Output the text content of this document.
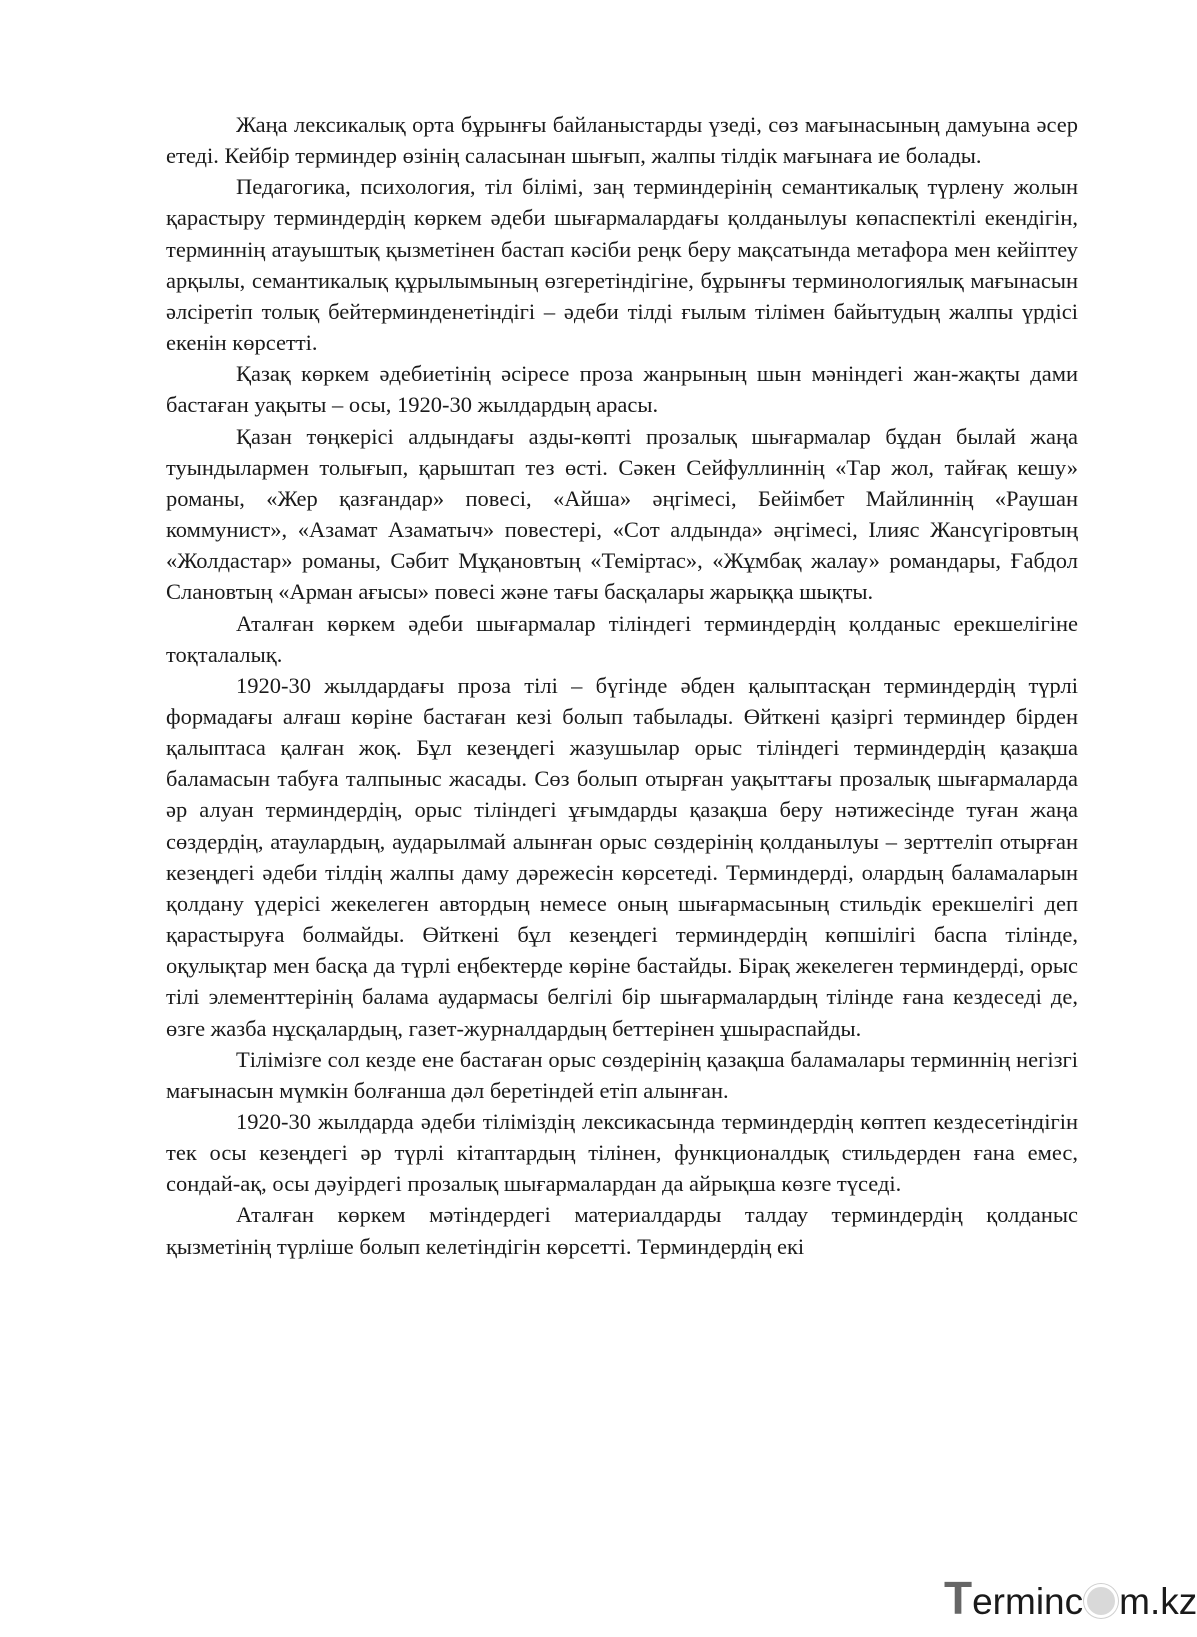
Жаңа лексикалық орта бұрынғы байланыстарды үзеді, сөз мағынасының дамуына әсер етеді. Кейбір терминдер өзінің саласынан шығып, жалпы тілдік мағынаға ие болады.

Педагогика, психология, тіл білімі, заң терминдерінің семантикалық түрлену жолын қарастыру терминдердің көркем әдеби шығармалардағы қолданылуы көпаспектілі екендігін, терминнің атауыштық қызметінен бастап кәсіби реңк беру мақсатында метафора мен кейіптеу арқылы, семантикалық құрылымының өзгеретіндігіне, бұрынғы терминологиялық мағынасын әлсіретіп толық бейтерминденетіндігі – әдеби тілді ғылым тілімен байытудың жалпы үрдісі екенін көрсетті.

Қазақ көркем әдебиетінің әсіресе проза жанрының шын мәніндегі жан-жақты дами бастаған уақыты – осы, 1920-30 жылдардың арасы.

Қазан төңкерісі алдындағы азды-көпті прозалық шығармалар бұдан былай жаңа туындылармен толығып, қарыштап тез өсті. Сәкен Сейфуллиннің «Тар жол, тайғақ кешу» романы, «Жер қазғандар» повесі, «Айша» әңгімесі, Бейімбет Майлиннің «Раушан коммунист», «Азамат Азаматыч» повестері, «Сот алдында» әңгімесі, Ілияс Жансүгіровтың «Жолдастар» романы, Сәбит Мұқановтың «Теміртас», «Жұмбақ жалау» романдары, Ғабдол Слановтың «Арман ағысы» повесі және тағы басқалары жарыққа шықты.

Аталған көркем әдеби шығармалар тіліндегі терминдердің қолданыс ерекшелігіне тоқталалық.

1920-30 жылдардағы проза тілі – бүгінде әбден қалыптасқан терминдердің түрлі формадағы алғаш көріне бастаған кезі болып табылады. Өйткені қазіргі терминдер бірден қалыптаса қалған жоқ. Бұл кезеңдегі жазушылар орыс тіліндегі терминдердің қазақша баламасын табуға талпыныс жасады. Сөз болып отырған уақыттағы прозалық шығармаларда әр алуан терминдердің, орыс тіліндегі ұғымдарды қазақша беру нәтижесінде туған жаңа сөздердің, атаулардың, аударылмай алынған орыс сөздерінің қолданылуы – зерттеліп отырған кезеңдегі әдеби тілдің жалпы даму дәрежесін көрсетеді. Терминдерді, олардың баламаларын қолдану үдерісі жекелеген автордың немесе оның шығармасының стильдік ерекшелігі деп қарастыруға болмайды. Өйткені бұл кезеңдегі терминдердің көпшілігі баспа тілінде, оқулықтар мен басқа да түрлі еңбектерде көріне бастайды. Бірақ жекелеген терминдерді, орыс тілі элементтерінің балама аудармасы белгілі бір шығармалардың тілінде ғана кездеседі де, өзге жазба нұсқалардың, газет-журналдардың беттерінен ұшыраспайды.

Тілімізге сол кезде ене бастаған орыс сөздерінің қазақша баламалары терминнің негізгі мағынасын мүмкін болғанша дәл беретіндей етіп алынған.

1920-30 жылдарда әдеби тіліміздің лексикасында терминдердің көптеп кездесетіндігін тек осы кезеңдегі әр түрлі кітаптардың тілінен, функционалдық стильдерден ғана емес, сондай-ақ, осы дәуірдегі прозалық шығармалардан да айрықша көзге түседі.

Аталған көркем мәтіндердегі материалдарды талдау терминдердің қолданыс қызметінің түрліше болып келетіндігін көрсетті. Терминдердің екі

Terminc m.kz
